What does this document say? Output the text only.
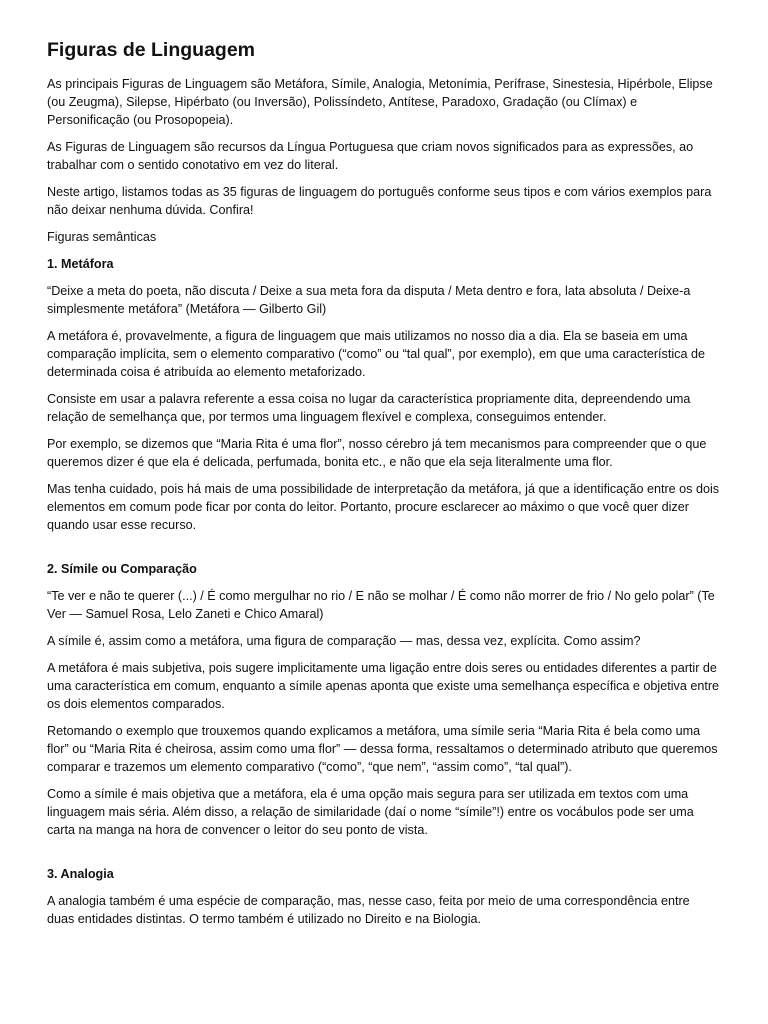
Figuras de Linguagem

As principais Figuras de Linguagem são Metáfora, Símile, Analogia, Metonímia, Perífrase, Sinestesia, Hipérbole, Elipse (ou Zeugma), Silepse, Hipérbato (ou Inversão), Polissíndeto, Antítese, Paradoxo, Gradação (ou Clímax) e Personificação (ou Prosopopeia).

As Figuras de Linguagem são recursos da Língua Portuguesa que criam novos significados para as expressões, ao trabalhar com o sentido conotativo em vez do literal.

Neste artigo, listamos todas as 35 figuras de linguagem do português conforme seus tipos e com vários exemplos para não deixar nenhuma dúvida. Confira!

Figuras semânticas

1. Metáfora

“Deixe a meta do poeta, não discuta / Deixe a sua meta fora da disputa / Meta dentro e fora, lata absoluta / Deixe-a simplesmente metáfora” (Metáfora — Gilberto Gil)

A metáfora é, provavelmente, a figura de linguagem que mais utilizamos no nosso dia a dia. Ela se baseia em uma comparação implícita, sem o elemento comparativo (“como” ou “tal qual”, por exemplo), em que uma característica de determinada coisa é atribuída ao elemento metaforizado.

Consiste em usar a palavra referente a essa coisa no lugar da característica propriamente dita, depreendendo uma relação de semelhança que, por termos uma linguagem flexível e complexa, conseguimos entender.

Por exemplo, se dizemos que “Maria Rita é uma flor”, nosso cérebro já tem mecanismos para compreender que o que queremos dizer é que ela é delicada, perfumada, bonita etc., e não que ela seja literalmente uma flor.

Mas tenha cuidado, pois há mais de uma possibilidade de interpretação da metáfora, já que a identificação entre os dois elementos em comum pode ficar por conta do leitor. Portanto, procure esclarecer ao máximo o que você quer dizer quando usar esse recurso.

2. Símile ou Comparação

“Te ver e não te querer (...) / É como mergulhar no rio / E não se molhar / É como não morrer de frio / No gelo polar” (Te Ver — Samuel Rosa, Lelo Zaneti e Chico Amaral)

A símile é, assim como a metáfora, uma figura de comparação — mas, dessa vez, explícita. Como assim?

A metáfora é mais subjetiva, pois sugere implicitamente uma ligação entre dois seres ou entidades diferentes a partir de uma característica em comum, enquanto a símile apenas aponta que existe uma semelhança específica e objetiva entre os dois elementos comparados.

Retomando o exemplo que trouxemos quando explicamos a metáfora, uma símile seria “Maria Rita é bela como uma flor” ou “Maria Rita é cheirosa, assim como uma flor” — dessa forma, ressaltamos o determinado atributo que queremos comparar e trazemos um elemento comparativo (“como”, “que nem”, “assim como”, “tal qual”).

Como a símile é mais objetiva que a metáfora, ela é uma opção mais segura para ser utilizada em textos com uma linguagem mais séria. Além disso, a relação de similaridade (daí o nome “símile”!) entre os vocábulos pode ser uma carta na manga na hora de convencer o leitor do seu ponto de vista.

3. Analogia

A analogia também é uma espécie de comparação, mas, nesse caso, feita por meio de uma correspondência entre duas entidades distintas. O termo também é utilizado no Direito e na Biologia.
